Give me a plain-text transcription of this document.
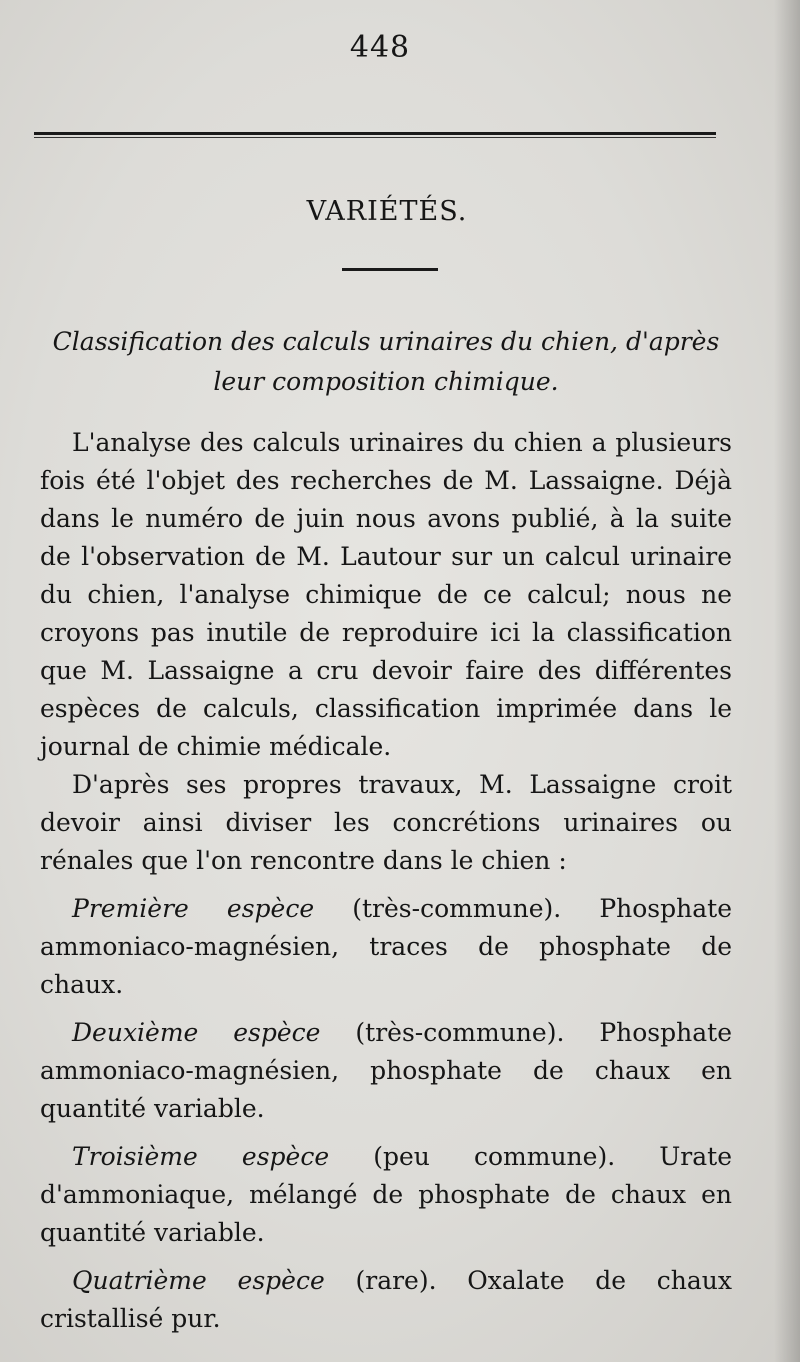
448
VARIÉTÉS.
Classification des calculs urinaires du chien, d'après leur composition chimique.

L'analyse des calculs urinaires du chien a plusieurs fois été l'objet des recherches de M. Lassaigne. Déjà dans le numéro de juin nous avons publié, à la suite de l'observation de M. Lautour sur un calcul urinaire du chien, l'analyse chimique de ce calcul; nous ne croyons pas inutile de reproduire ici la classification que M. Lassaigne a cru devoir faire des différentes espèces de calculs, classification imprimée dans le journal de chimie médicale.

D'après ses propres travaux, M. Lassaigne croit devoir ainsi diviser les concrétions urinaires ou rénales que l'on rencontre dans le chien :

Première espèce (très-commune). Phosphate ammoniaco-magnésien, traces de phosphate de chaux.

Deuxième espèce (très-commune). Phosphate ammoniaco-magnésien, phosphate de chaux en quantité variable.

Troisième espèce (peu commune). Urate d'ammoniaque, mélangé de phosphate de chaux en quantité variable.

Quatrième espèce (rare). Oxalate de chaux cristallisé pur.
